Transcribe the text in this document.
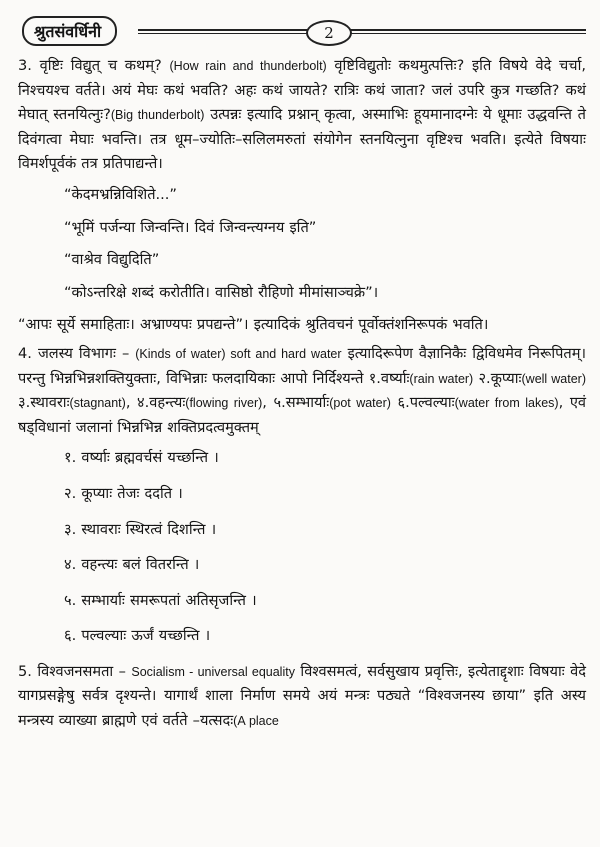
श्रुतसंवर्धिनी	2

3. वृष्टिः विद्युत् च कथम्? (How rain and thunderbolt) वृष्टिविद्युतोः कथमुत्पत्तिः? इति विषये वेदे चर्चा, निश्चयश्च वर्तते। अयं मेघः कथं भवति? अहः कथं जायते? रात्रिः कथं जाता? जलं उपरि कुत्र गच्छति? कथं मेघात् स्तनयित्नुः?(Big thunderbolt) उत्पन्नः इत्यादि प्रश्नान् कृत्वा, अस्माभिः हूयमानादग्नेः ये धूमाः उद्धवन्ति ते दिवंगत्वा मेघाः भवन्ति। तत्र धूम–ज्योतिः–सलिलमरुतां संयोगेन स्तनयित्नुना वृष्टिश्च भवति। इत्येते विषयाः विमर्शपूर्वकं तत्र प्रतिपाद्यन्ते।

“केदमभ्रन्निविशिते...”

“भूमिं पर्जन्या जिन्वन्ति। दिवं जिन्वन्त्यग्नय इति”

“वाश्रेव विद्युदिति”

“कोऽन्तरिक्षे शब्दं करोतीति। वासिष्ठो रौहिणो मीमांसाञ्चक्रे”।

“आपः सूर्ये समाहिताः। अभ्राण्यपः प्रपद्यन्ते”। इत्यादिकं श्रुतिवचनं पूर्वोक्तंशनिरूपकं भवति।

4. जलस्य विभागः – (Kinds of water) soft and hard water इत्यादिरूपेण वैज्ञानिकैः द्विविधमेव निरूपितम्। परन्तु भिन्नभिन्नशक्तियुक्ताः, विभिन्नाः फलदायिकाः आपो निर्दिश्यन्ते १.वर्ष्याः(rain water) २.कूप्याः(well water) ३.स्थावराः(stagnant), ४.वहन्त्यः(flowing river), ५.सम्भार्याः(pot water) ६.पल्वल्याः(water from lakes), एवं षड्विधानां जलानां भिन्नभिन्न शक्तिप्रदत्वमुक्तम्

१. वर्ष्याः ब्रह्मवर्चसं यच्छन्ति ।

२. कूप्याः तेजः ददति ।

३. स्थावराः स्थिरत्वं दिशन्ति ।

४. वहन्त्यः बलं वितरन्ति ।

५. सम्भार्याः समरूपतां अतिसृजन्ति ।

६. पल्वल्याः ऊर्जं यच्छन्ति ।

5. विश्वजनसमता – Socialism - universal equality विश्वसमत्वं, सर्वसुखाय प्रवृत्तिः, इत्येताद्दृशाः विषयाः वेदे यागप्रसङ्गेषु सर्वत्र दृश्यन्ते। यागार्थं शाला निर्माण समये अयं मन्त्रः पठ्यते “विश्वजनस्य छाया” इति अस्य मन्त्रस्य व्याख्या ब्राह्मणे एवं वर्तते –यत्सदः(A place
